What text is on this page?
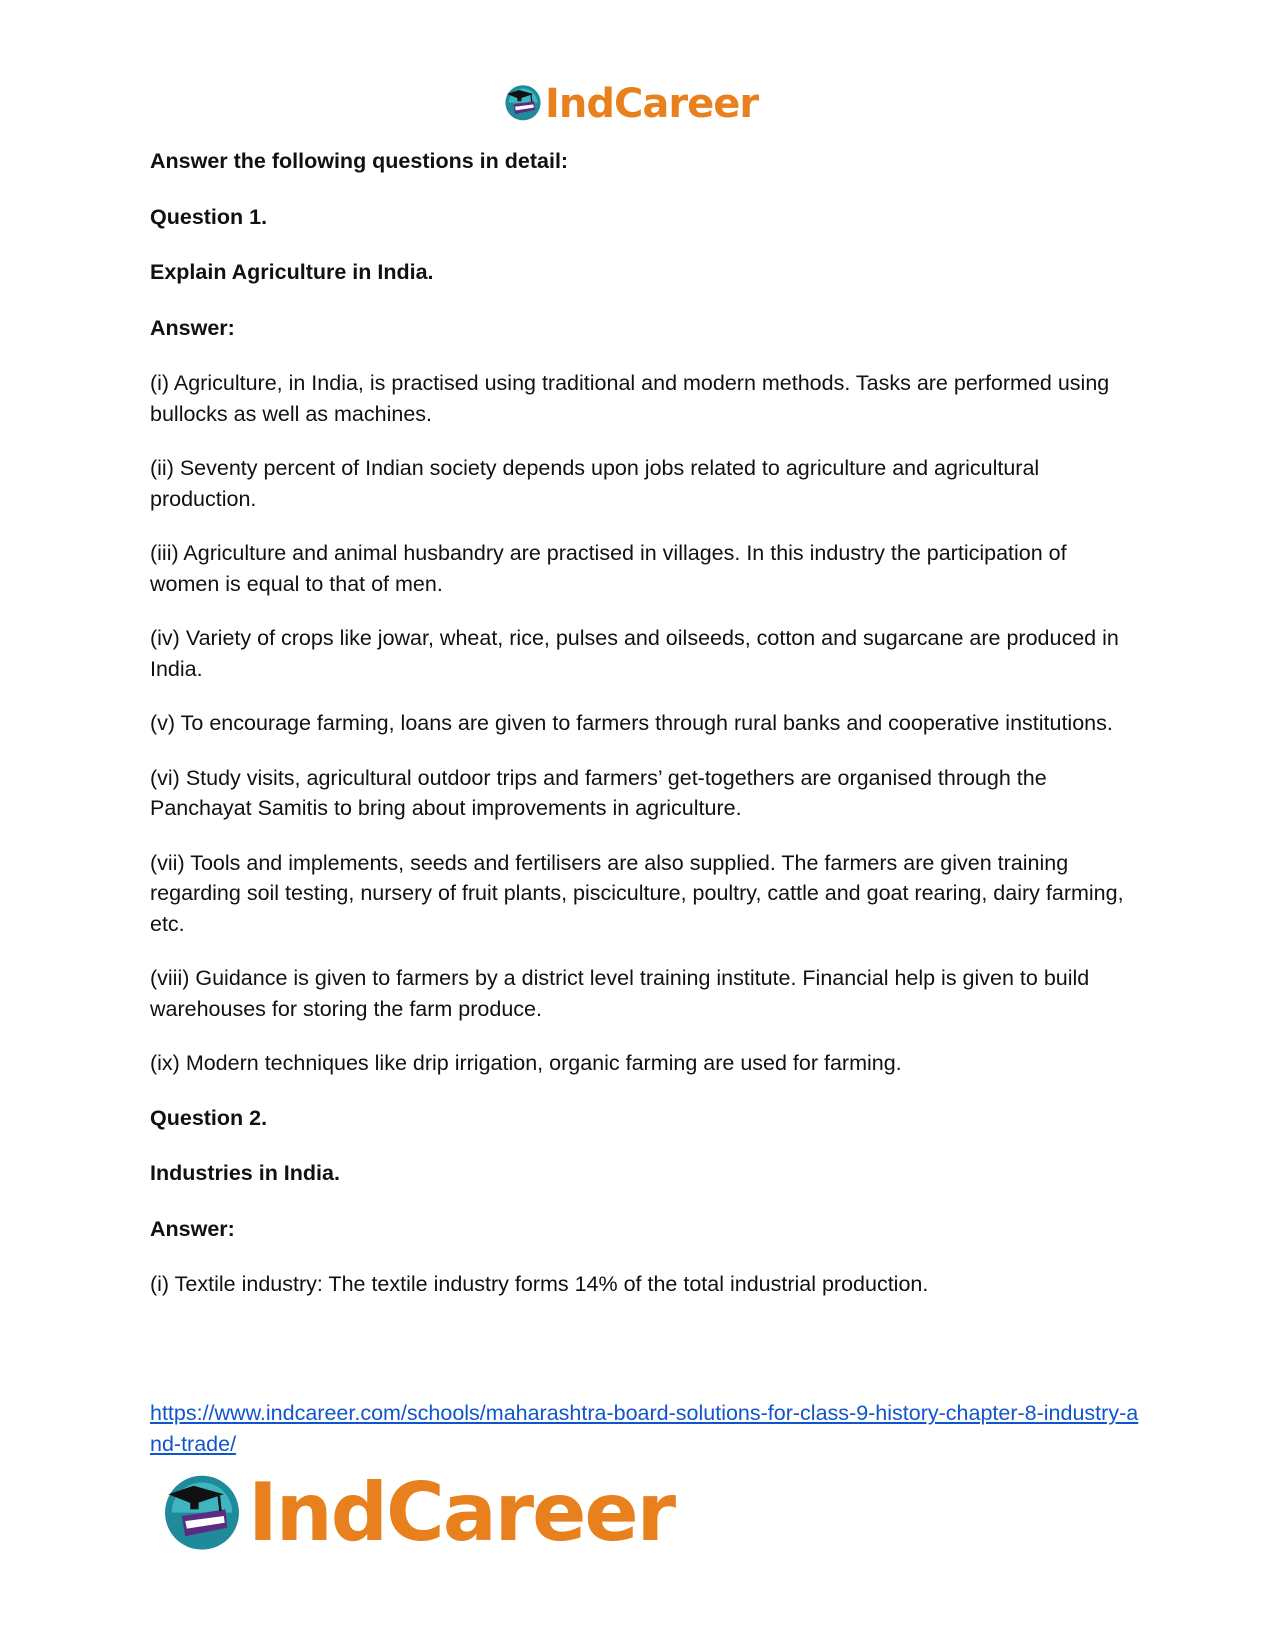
IndCareer

Answer the following questions in detail:

Question 1.

Explain Agriculture in India.

Answer:

(i) Agriculture, in India, is practised using traditional and modern methods. Tasks are performed using bullocks as well as machines.

(ii) Seventy percent of Indian society depends upon jobs related to agriculture and agricultural production.

(iii) Agriculture and animal husbandry are practised in villages. In this industry the participation of women is equal to that of men.

(iv) Variety of crops like jowar, wheat, rice, pulses and oilseeds, cotton and sugarcane are produced in India.

(v) To encourage farming, loans are given to farmers through rural banks and cooperative institutions.

(vi) Study visits, agricultural outdoor trips and farmers’ get-togethers are organised through the Panchayat Samitis to bring about improvements in agriculture.

(vii) Tools and implements, seeds and fertilisers are also supplied. The farmers are given training regarding soil testing, nursery of fruit plants, pisciculture, poultry, cattle and goat rearing, dairy farming, etc.

(viii) Guidance is given to farmers by a district level training institute. Financial help is given to build warehouses for storing the farm produce.

(ix) Modern techniques like drip irrigation, organic farming are used for farming.

Question 2.

Industries in India.

Answer:

(i) Textile industry: The textile industry forms 14% of the total industrial production.

https://www.indcareer.com/schools/maharashtra-board-solutions-for-class-9-history-chapter-8-industry-and-trade/
IndCareer
